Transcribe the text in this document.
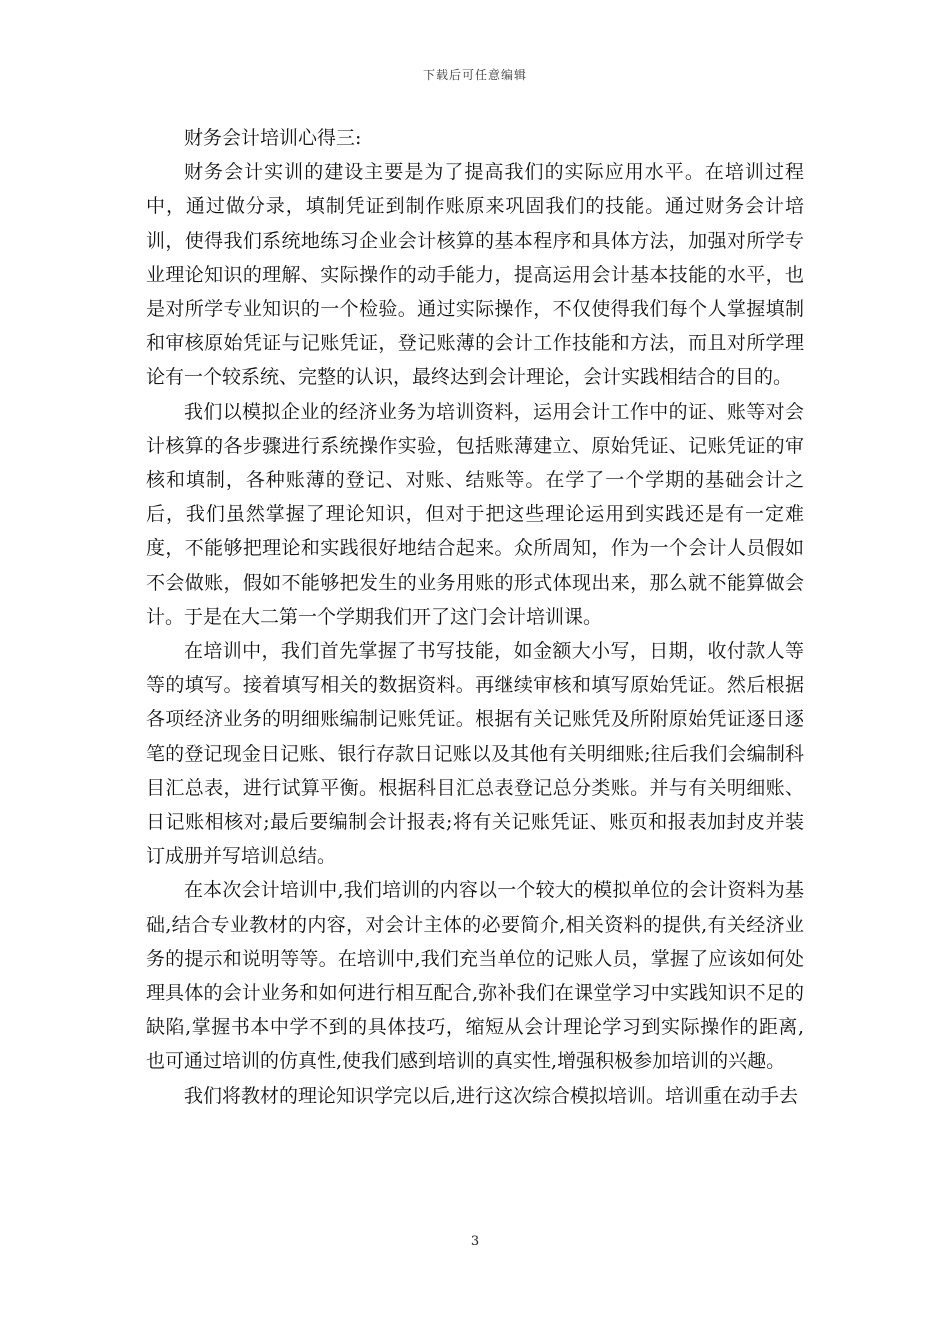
下载后可任意编辑

财务会计培训心得三:

财务会计实训的建设主要是为了提高我们的实际应用水平。在培训过程中，通过做分录，填制凭证到制作账原来巩固我们的技能。通过财务会计培训，使得我们系统地练习企业会计核算的基本程序和具体方法，加强对所学专业理论知识的理解、实际操作的动手能力，提高运用会计基本技能的水平，也是对所学专业知识的一个检验。通过实际操作，不仅使得我们每个人掌握填制和审核原始凭证与记账凭证，登记账薄的会计工作技能和方法，而且对所学理论有一个较系统、完整的认识，最终达到会计理论，会计实践相结合的目的。

我们以模拟企业的经济业务为培训资料，运用会计工作中的证、账等对会计核算的各步骤进行系统操作实验，包括账薄建立、原始凭证、记账凭证的审核和填制，各种账薄的登记、对账、结账等。在学了一个学期的基础会计之后，我们虽然掌握了理论知识，但对于把这些理论运用到实践还是有一定难度，不能够把理论和实践很好地结合起来。众所周知，作为一个会计人员假如不会做账，假如不能够把发生的业务用账的形式体现出来，那么就不能算做会计。于是在大二第一个学期我们开了这门会计培训课。

在培训中，我们首先掌握了书写技能，如金额大小写，日期，收付款人等等的填写。接着填写相关的数据资料。再继续审核和填写原始凭证。然后根据各项经济业务的明细账编制记账凭证。根据有关记账凭及所附原始凭证逐日逐笔的登记现金日记账、银行存款日记账以及其他有关明细账;往后我们会编制科目汇总表，进行试算平衡。根据科目汇总表登记总分类账。并与有关明细账、日记账相核对;最后要编制会计报表;将有关记账凭证、账页和报表加封皮并装订成册并写培训总结。

在本次会计培训中,我们培训的内容以一个较大的模拟单位的会计资料为基础,结合专业教材的内容，对会计主体的必要简介,相关资料的提供,有关经济业务的提示和说明等等。在培训中,我们充当单位的记账人员，掌握了应该如何处理具体的会计业务和如何进行相互配合,弥补我们在课堂学习中实践知识不足的缺陷,掌握书本中学不到的具体技巧，缩短从会计理论学习到实际操作的距离,也可通过培训的仿真性,使我们感到培训的真实性,增强积极参加培训的兴趣。

我们将教材的理论知识学完以后,进行这次综合模拟培训。培训重在动手去

3
